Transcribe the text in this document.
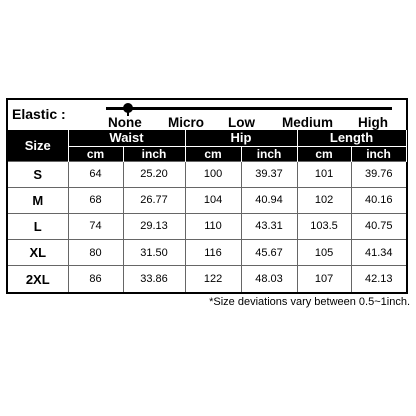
Elastic :
None Micro Low Medium High
Size	Waist		Hip		Length	
	cm	inch	cm	inch	cm	inch
S	64	25.20	100	39.37	101	39.76
M	68	26.77	104	40.94	102	40.16
L	74	29.13	110	43.31	103.5	40.75
XL	80	31.50	116	45.67	105	41.34
2XL	86	33.86	122	48.03	107	42.13
*Size deviations vary between 0.5~1inch.
